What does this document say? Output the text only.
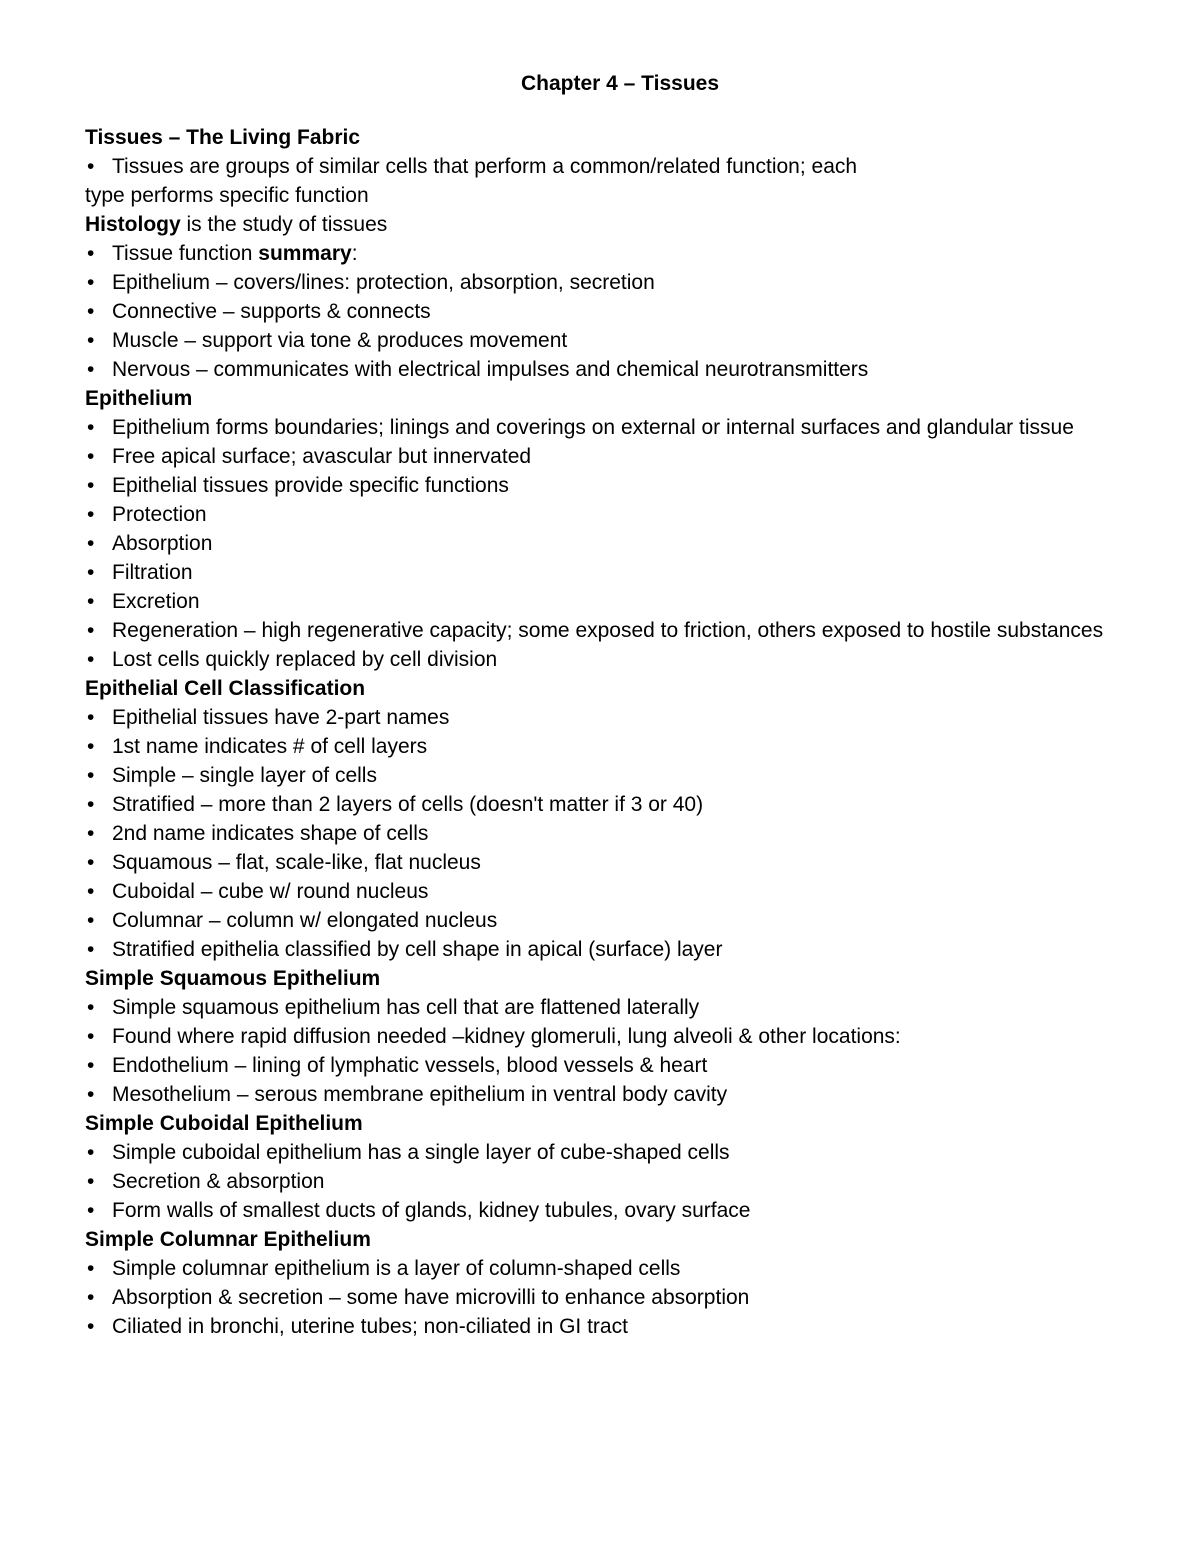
Chapter 4 – Tissues
Tissues – The Living Fabric
• Tissues are groups of similar cells that perform a common/related function; each
type performs specific function
Histology is the study of tissues
• Tissue function summary:
• Epithelium – covers/lines: protection, absorption, secretion
• Connective – supports & connects
• Muscle – support via tone & produces movement
• Nervous – communicates with electrical impulses and chemical neurotransmitters
Epithelium
• Epithelium forms boundaries; linings and coverings on external or internal surfaces and glandular tissue
• Free apical surface; avascular but innervated
• Epithelial tissues provide specific functions
• Protection
• Absorption
• Filtration
• Excretion
• Regeneration – high regenerative capacity; some exposed to friction, others exposed to hostile substances
• Lost cells quickly replaced by cell division
Epithelial Cell Classification
• Epithelial tissues have 2-part names
• 1st name indicates # of cell layers
• Simple – single layer of cells
• Stratified – more than 2 layers of cells (doesn't matter if 3 or 40)
• 2nd name indicates shape of cells
• Squamous – flat, scale-like, flat nucleus
• Cuboidal – cube w/ round nucleus
• Columnar – column w/ elongated nucleus
• Stratified epithelia classified by cell shape in apical (surface) layer
Simple Squamous Epithelium
• Simple squamous epithelium has cell that are flattened laterally
• Found where rapid diffusion needed –kidney glomeruli, lung alveoli & other locations:
• Endothelium – lining of lymphatic vessels, blood vessels & heart
• Mesothelium – serous membrane epithelium in ventral body cavity
Simple Cuboidal Epithelium
• Simple cuboidal epithelium has a single layer of cube-shaped cells
• Secretion & absorption
• Form walls of smallest ducts of glands, kidney tubules, ovary surface
Simple Columnar Epithelium
• Simple columnar epithelium is a layer of column-shaped cells
• Absorption & secretion – some have microvilli to enhance absorption
• Ciliated in bronchi, uterine tubes; non-ciliated in GI tract
